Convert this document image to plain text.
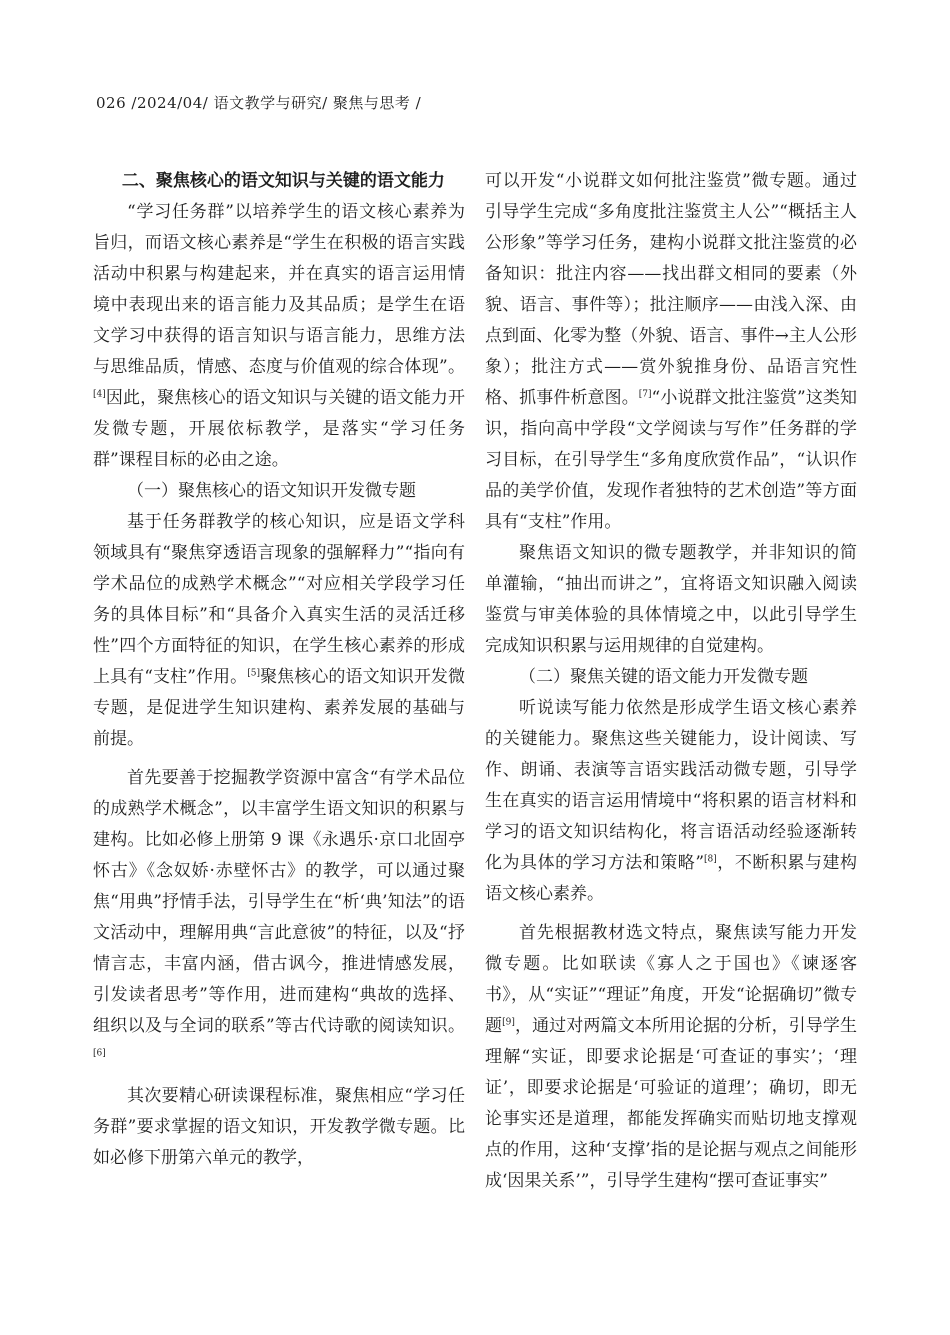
026 /2024/04/ 语文教学与研究/ 聚焦与思考 /

二、聚焦核心的语文知识与关键的语文能力

“学习任务群”以培养学生的语文核心素养为旨归，而语文核心素养是“学生在积极的语言实践活动中积累与构建起来，并在真实的语言运用情境中表现出来的语言能力及其品质；是学生在语文学习中获得的语言知识与语言能力，思维方法与思维品质，情感、态度与价值观的综合体现”。[4]因此，聚焦核心的语文知识与关键的语文能力开发微专题，开展依标教学，是落实“学习任务群”课程目标的必由之途。

（一）聚焦核心的语文知识开发微专题

基于任务群教学的核心知识，应是语文学科领域具有“聚焦穿透语言现象的强解释力”“指向有学术品位的成熟学术概念”“对应相关学段学习任务的具体目标”和“具备介入真实生活的灵活迁移性”四个方面特征的知识，在学生核心素养的形成上具有“支柱”作用。[5]聚焦核心的语文知识开发微专题，是促进学生知识建构、素养发展的基础与前提。

首先要善于挖掘教学资源中富含“有学术品位的成熟学术概念”，以丰富学生语文知识的积累与建构。比如必修上册第 9 课《永遇乐·京口北固亭怀古》《念奴娇·赤壁怀古》的教学，可以通过聚焦“用典”抒情手法，引导学生在“析‘典’知法”的语文活动中，理解用典“言此意彼”的特征，以及“抒情言志，丰富内涵，借古讽今，推进情感发展，引发读者思考”等作用，进而建构“典故的选择、组织以及与全词的联系”等古代诗歌的阅读知识。[6]

其次要精心研读课程标准，聚焦相应“学习任务群”要求掌握的语文知识，开发教学微专题。比如必修下册第六单元的教学，

可以开发“小说群文如何批注鉴赏”微专题。通过引导学生完成“多角度批注鉴赏主人公”“概括主人公形象”等学习任务，建构小说群文批注鉴赏的必备知识：批注内容——找出群文相同的要素（外貌、语言、事件等）；批注顺序——由浅入深、由点到面、化零为整（外貌、语言、事件→主人公形象）；批注方式——赏外貌推身份、品语言究性格、抓事件析意图。[7]“小说群文批注鉴赏”这类知识，指向高中学段“文学阅读与写作”任务群的学习目标，在引导学生“多角度欣赏作品”，“认识作品的美学价值，发现作者独特的艺术创造”等方面具有“支柱”作用。

聚焦语文知识的微专题教学，并非知识的简单灌输，“抽出而讲之”，宜将语文知识融入阅读鉴赏与审美体验的具体情境之中，以此引导学生完成知识积累与运用规律的自觉建构。

（二）聚焦关键的语文能力开发微专题

听说读写能力依然是形成学生语文核心素养的关键能力。聚焦这些关键能力，设计阅读、写作、朗诵、表演等言语实践活动微专题，引导学生在真实的语言运用情境中“将积累的语言材料和学习的语文知识结构化，将言语活动经验逐渐转化为具体的学习方法和策略”[8]，不断积累与建构语文核心素养。

首先根据教材选文特点，聚焦读写能力开发微专题。比如联读《寡人之于国也》《谏逐客书》，从“实证”“理证”角度，开发“论据确切”微专题[9]，通过对两篇文本所用论据的分析，引导学生理解“实证，即要求论据是‘可查证的事实’；‘理证’，即要求论据是‘可验证的道理’；确切，即无论事实还是道理，都能发挥确实而贴切地支撑观点的作用，这种‘支撑’指的是论据与观点之间能形成‘因果关系’”，引导学生建构“摆可查证事实”
